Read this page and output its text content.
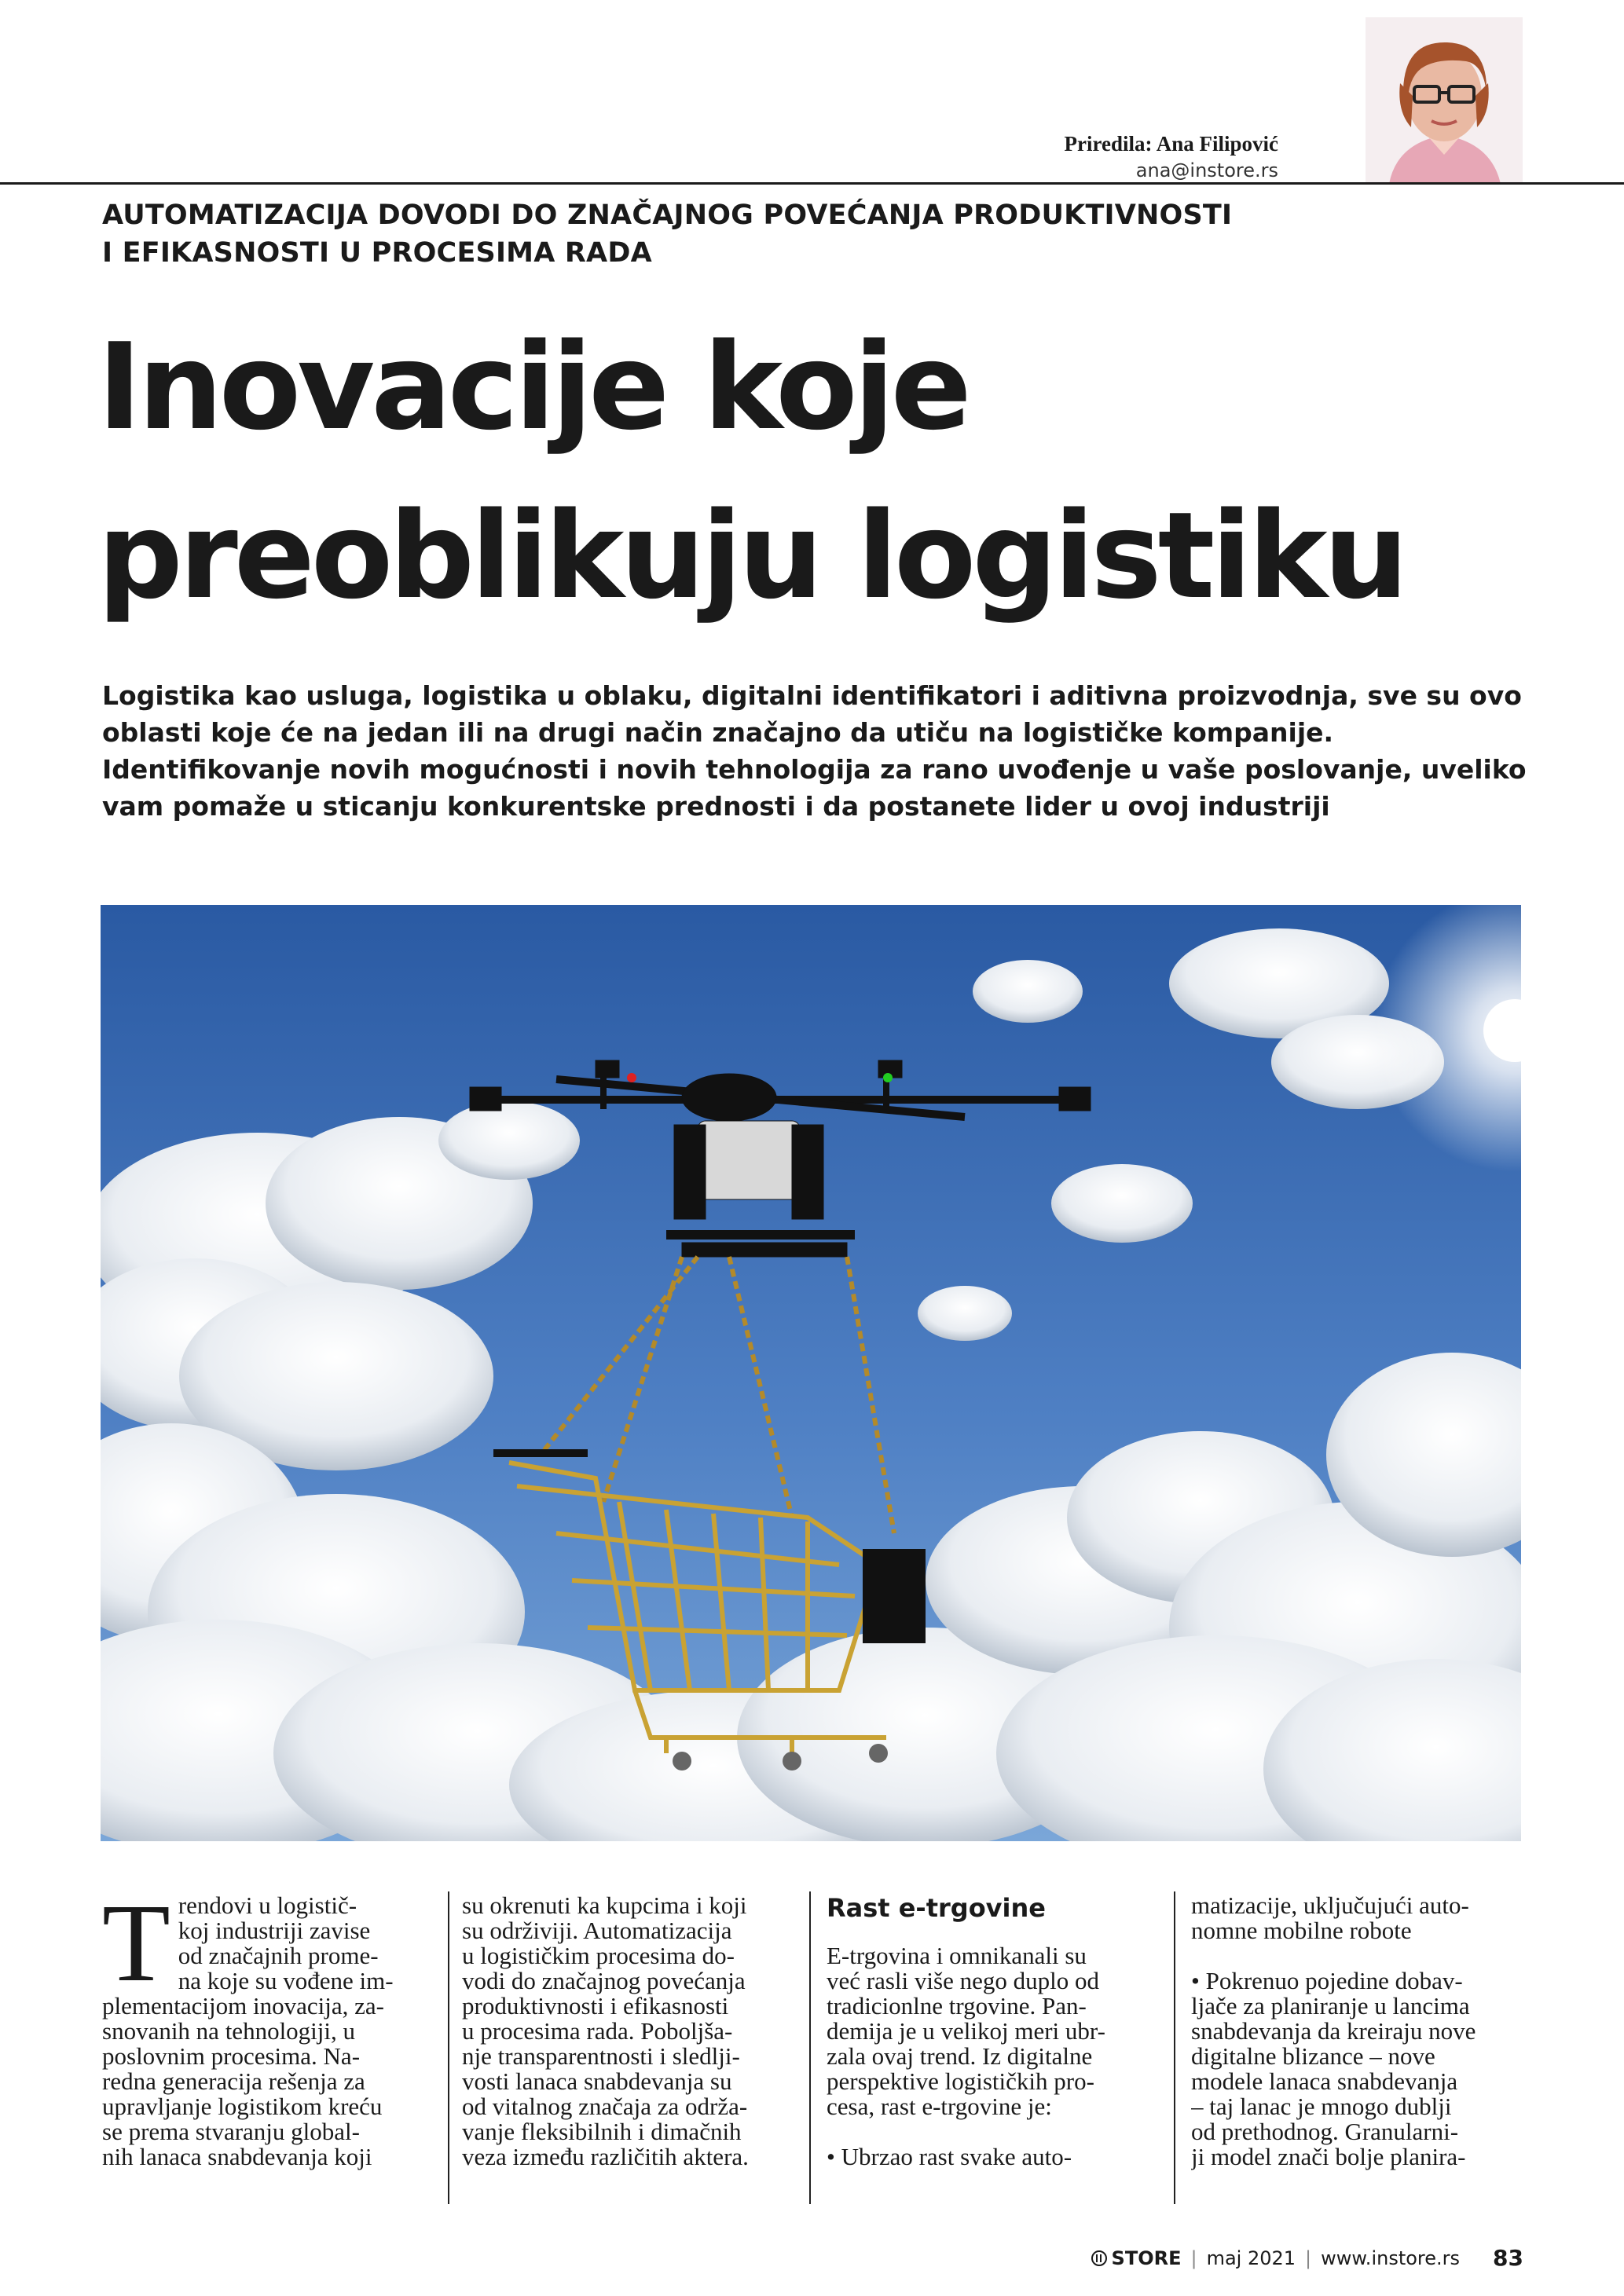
Priredila: Ana Filipović
ana@instore.rs
AUTOMATIZACIJA DOVODI DO ZNAČAJNOG POVEĆANJA PRODUKTIVNOSTI
I EFIKASNOSTI U PROCESIMA RADA
Inovacije koje
preoblikuju logistiku
Logistika kao usluga, logistika u oblaku, digitalni identifikatori i aditivna proizvodnja, sve su ovo oblasti koje će na jedan ili na drugi način značajno da utiču na logističke kompanije. Identifikovanje novih mogućnosti i novih tehnologija za rano uvođenje u vaše poslovanje, uveliko vam pomaže u sticanju konkurentske prednosti i da postanete lider u ovoj industriji
T rendovi u logistič-

koj industriji zavise

od značajnih prome-

na koje su vođene im-

plementacijom inovacija, za-

snovanih na tehnologiji, u

poslovnim procesima. Na-

redna generacija rešenja za

upravljanje logistikom kreću

se prema stvaranju global-

nih lanaca snabdevanja koji

su okrenuti ka kupcima i koji

su održiviji. Automatizacija

u logističkim procesima do-

vodi do značajnog povećanja

produktivnosti i efikasnosti

u procesima rada. Poboljša-

nje transparentnosti i sledlji-

vosti lanaca snabdevanja su

od vitalnog značaja za održa-

vanje fleksibilnih i dimačnih

veza između različitih aktera.

Rast e-trgovine

E-trgovina i omnikanali su

već rasli više nego duplo od

tradicionlne trgovine. Pan-

demija je u velikoj meri ubr-

zala ovaj trend. Iz digitalne

perspektive logističkih pro-

cesa, rast e-trgovine je:

• Ubrzao rast svake auto-

matizacije, uključujući auto-

nomne mobilne robote

• Pokrenuo pojedine dobav-

ljače za planiranje u lancima

snabdevanja da kreiraju nove

digitalne blizance – nove

modele lanaca snabdevanja

– taj lanac je mnogo dublji

od prethodnog. Granularni-

ji model znači bolje planira-

STORE | maj 2021 | www.instore.rs 83
